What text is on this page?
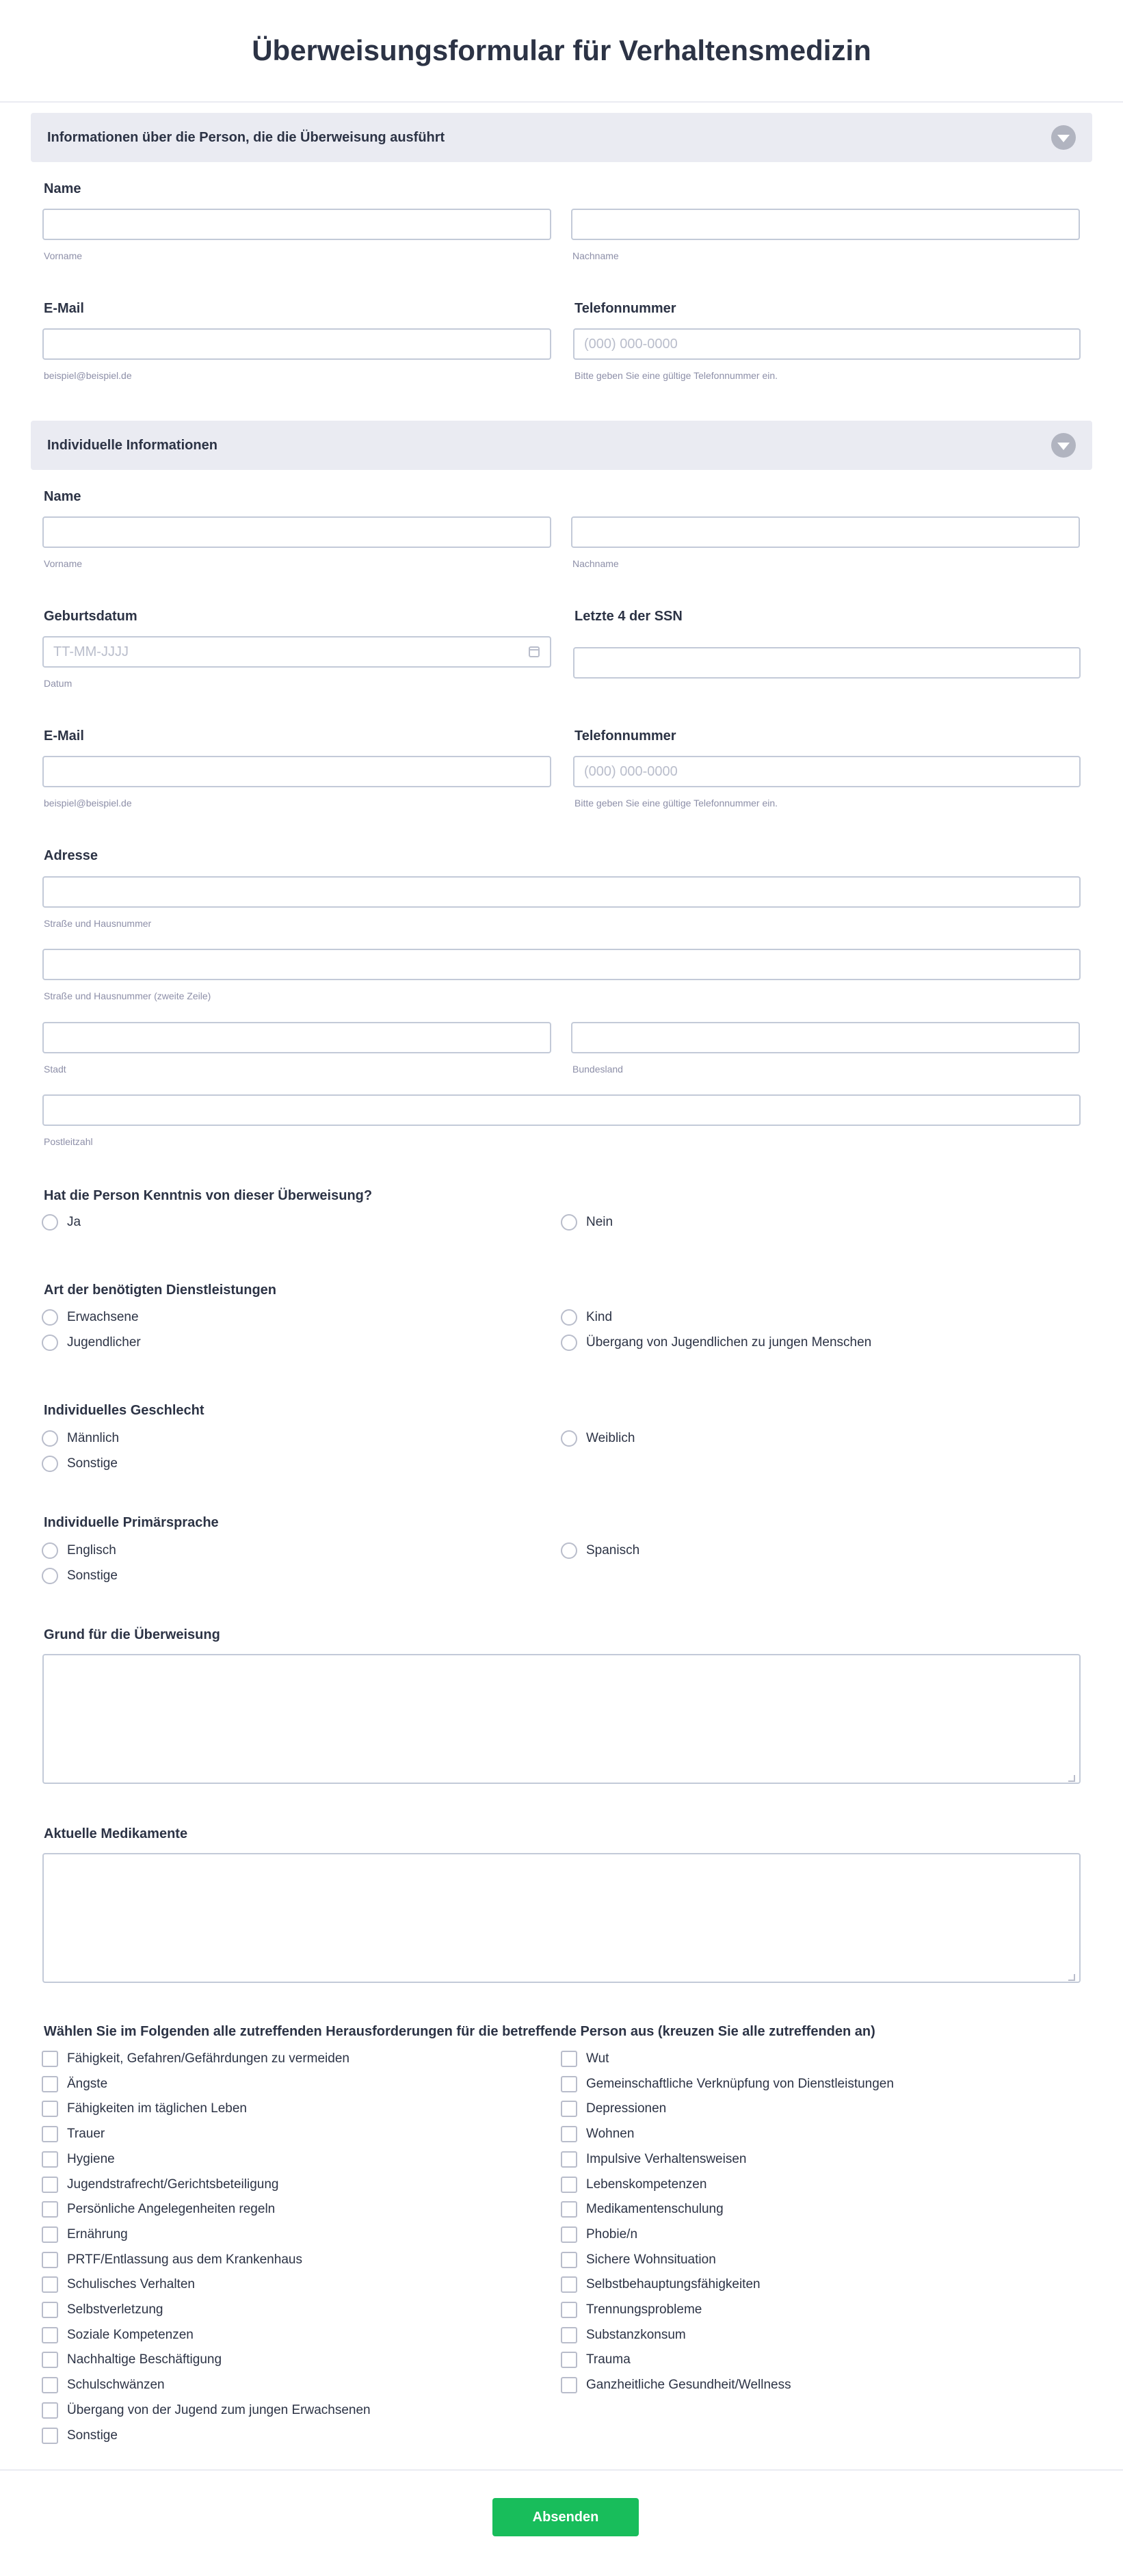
Überweisungsformular für Verhaltensmedizin
Informationen über die Person, die die Überweisung ausführt
Name
Vorname	Nachname
E-Mail
beispiel@beispiel.de
Telefonnummer
(000) 000-0000
Bitte geben Sie eine gültige Telefonnummer ein.
Individuelle Informationen
Name
Vorname	Nachname
Geburtsdatum
TT-MM-JJJJ
Datum
Letzte 4 der SSN
E-Mail
beispiel@beispiel.de
Telefonnummer
(000) 000-0000
Bitte geben Sie eine gültige Telefonnummer ein.
Adresse
Straße und Hausnummer
Straße und Hausnummer (zweite Zeile)
Stadt	Bundesland
Postleitzahl
Hat die Person Kenntnis von dieser Überweisung?
Ja	Nein
Art der benötigten Dienstleistungen
Erwachsene	Kind
Jugendlicher	Übergang von Jugendlichen zu jungen Menschen
Individuelles Geschlecht
Männlich	Weiblich
Sonstige
Individuelle Primärsprache
Englisch	Spanisch
Sonstige
Grund für die Überweisung
Aktuelle Medikamente
Wählen Sie im Folgenden alle zutreffenden Herausforderungen für die betreffende Person aus (kreuzen Sie alle zutreffenden an)
Fähigkeit, Gefahren/Gefährdungen zu vermeiden
Ängste
Fähigkeiten im täglichen Leben
Trauer
Hygiene
Jugendstrafrecht/Gerichtsbeteiligung
Persönliche Angelegenheiten regeln
Ernährung
PRTF/Entlassung aus dem Krankenhaus
Schulisches Verhalten
Selbstverletzung
Soziale Kompetenzen
Nachhaltige Beschäftigung
Schulschwänzen
Übergang von der Jugend zum jungen Erwachsenen
Sonstige
Wut
Gemeinschaftliche Verknüpfung von Dienstleistungen
Depressionen
Wohnen
Impulsive Verhaltensweisen
Lebenskompetenzen
Medikamentenschulung
Phobie/n
Sichere Wohnsituation
Selbstbehauptungsfähigkeiten
Trennungsprobleme
Substanzkonsum
Trauma
Ganzheitliche Gesundheit/Wellness
Absenden
